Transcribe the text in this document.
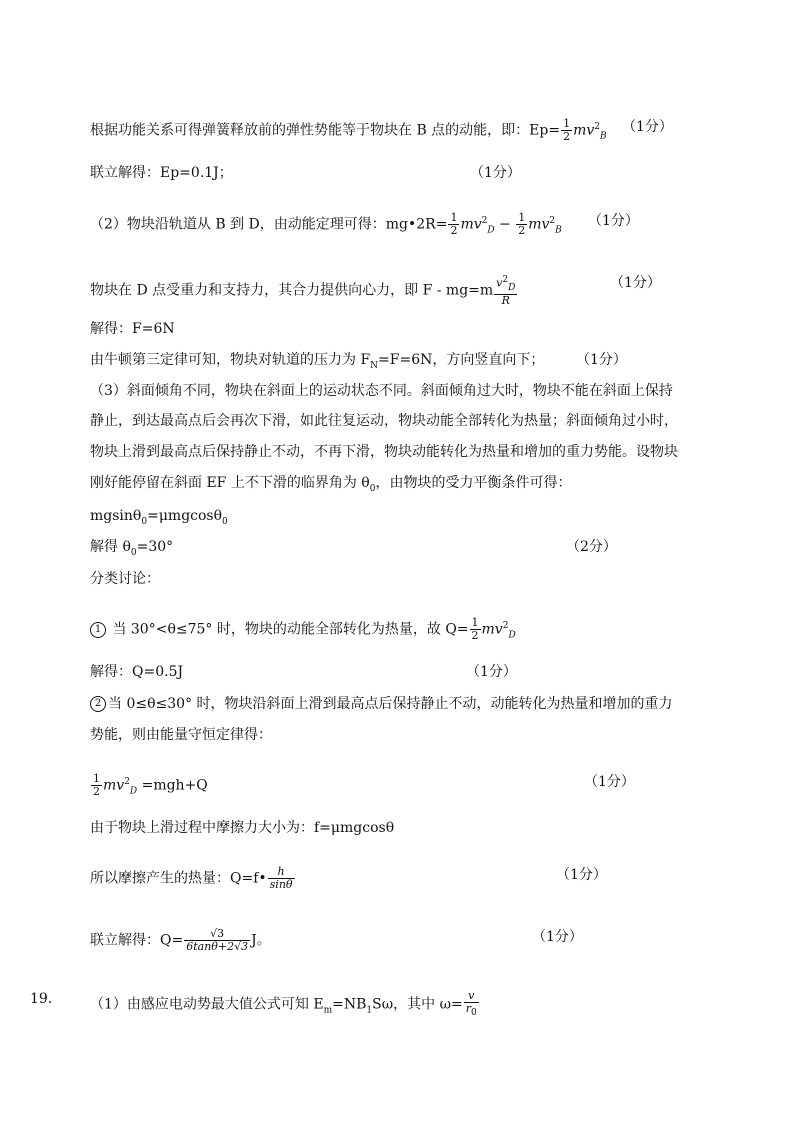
根据功能关系可得弹簧释放前的弹性势能等于物块在 B 点的动能，即：$Ep= \frac{1}{2} mv^2_B$
（1分）
联立解得：Ep=0.1J；	（1分）
（2）物块沿轨道从 B 到 D，由动能定理可得：mg•2R= $\frac{1}{2} mv^2_D - \frac{1}{2} mv^2_B$
（1分）
物块在 D 点受重力和支持力，其合力提供向心力，即 $F - mg=m \frac{v^2_D}{R}$	（1分）
解得：F=6N
由牛顿第三定律可知，物块对轨道的压力为 $F_N=F=6N$，方向竖直向下； （1分）
（3）斜面倾角不同，物块在斜面上的运动状态不同。斜面倾角过大时，物块不能在斜面上保持
静止，到达最高点后会再次下滑，如此往复运动，物块动能全部转化为热量；斜面倾角过小时，
物块上滑到最高点后保持静止不动，不再下滑，物块动能转化为热量和增加的重力势能。设物块
刚好能停留在斜面 EF 上不下滑的临界角为 $\theta_0$，由物块的受力平衡条件可得：
mgsinθ$_0$=μmgcosθ$_0$
解得 $\theta_0=30^\circ$	（2分）
分类讨论：
1 当 30°<θ≤75° 时，物块的动能全部转化为热量，故 $Q= \frac{1}{2} mv^2_D$
解得：Q=0.5J	（1分）
2 当 0≤θ≤30° 时，物块沿斜面上滑到最高点后保持静止不动，动能转化为热量和增加的重力
势能，则由能量守恒定律得：
$\frac{1}{2} mv^2_D =mgh+Q$	（1分）
由于物块上滑过程中摩擦力大小为：f=μmgcosθ
所以摩擦产生的热量：Q=f• $\frac{h}{\sin\theta}$	（1分）
联立解得：$Q= \frac{√3}{6\tan\theta+2√3}$ J。	（1分）
19． （1）由感应电动势最大值公式可知 $E_m=NB_1S\omega$，其中 $\omega= \frac{v}{r_0}$
